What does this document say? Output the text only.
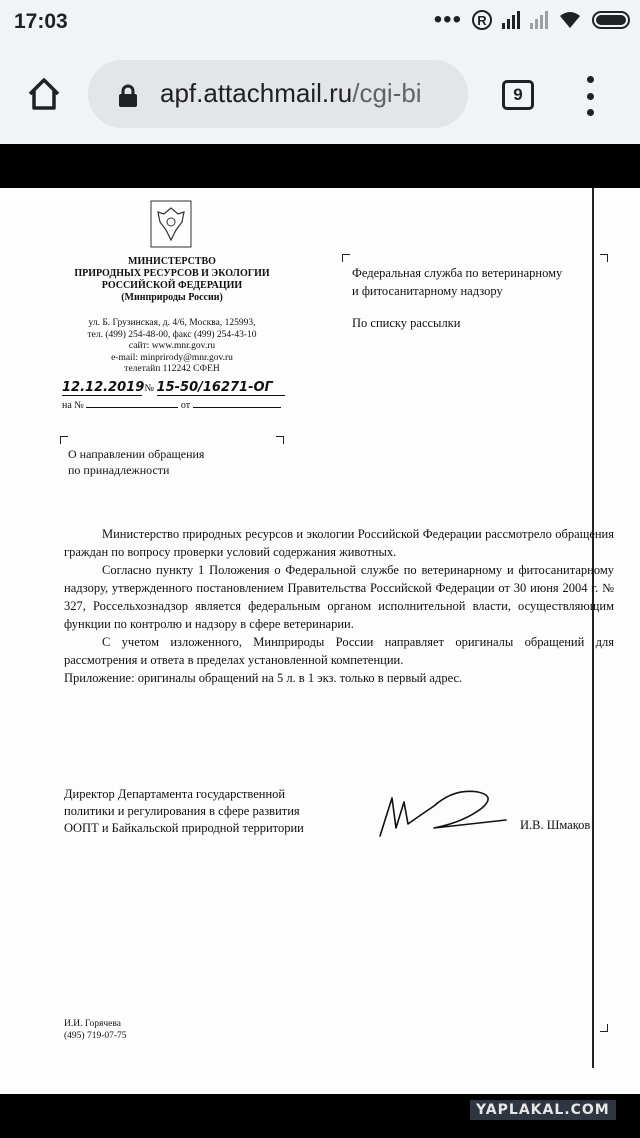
17:03	•••	R
apf.attachmail.ru/cgi-bi	9
МИНИСТЕРСТВО
ПРИРОДНЫХ РЕСУРСОВ И ЭКОЛОГИИ
РОССИЙСКОЙ ФЕДЕРАЦИИ
(Минприроды России)
ул. Б. Грузинская, д. 4/6, Москва, 125993,
тел. (499) 254-48-00, факс (499) 254-43-10
сайт: www.mnr.gov.ru
e-mail: minprirody@mnr.gov.ru
телетайп 112242 СФЕН
12.12.2019 № 15-50/16271-OГ
на №	от
Федеральная служба по ветеринарному
и фитосанитарному надзору
По списку рассылки
О направлении обращения
по принадлежности

Министерство природных ресурсов и экологии Российской Федерации рассмотрело обращения граждан по вопросу проверки условий содержания животных.

Согласно пункту 1 Положения о Федеральной службе по ветеринарному и фитосанитарному надзору, утвержденного постановлением Правительства Российской Федерации от 30 июня 2004 г. № 327, Россельхознадзор является федеральным органом исполнительной власти, осуществляющим функции по контролю и надзору в сфере ветеринарии.

С учетом изложенного, Минприроды России направляет оригиналы обращений для рассмотрения и ответа в пределах установленной компетенции.

Приложение: оригиналы обращений на 5 л. в 1 экз. только в первый адрес.

Директор Департамента государственной
политики и регулирования в сфере развития
ООПТ и Байкальской природной территории	И.В. Шмаков
И.И. Горячева
(495) 719-07-75
YAPLAKAL.COM
